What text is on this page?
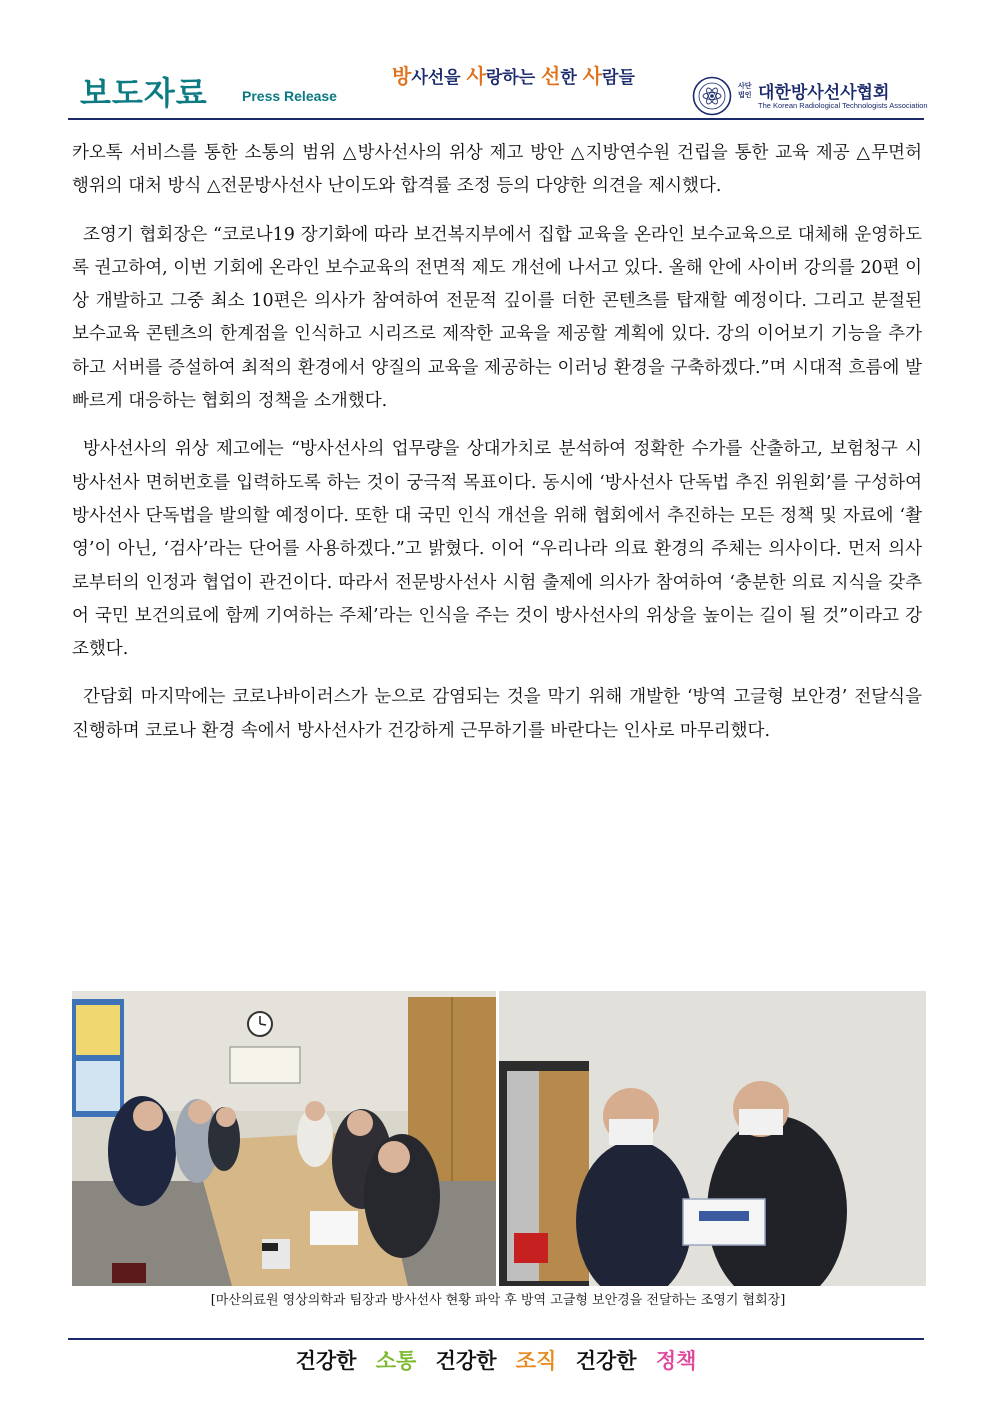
보도자료 Press Release
방사선을 사랑하는 선한 사람들	사단법인 대한방사선사협회
The Korean Radiological Technologists Association

카오톡 서비스를 통한 소통의 범위 △방사선사의 위상 제고 방안 △지방연수원 건립을 통한 교육 제공 △무면허 행위의 대처 방식 △전문방사선사 난이도와 합격률 조정 등의 다양한 의견을 제시했다.

조영기 협회장은 “코로나19 장기화에 따라 보건복지부에서 집합 교육을 온라인 보수교육으로 대체해 운영하도록 권고하여, 이번 기회에 온라인 보수교육의 전면적 제도 개선에 나서고 있다. 올해 안에 사이버 강의를 20편 이상 개발하고 그중 최소 10편은 의사가 참여하여 전문적 깊이를 더한 콘텐츠를 탑재할 예정이다. 그리고 분절된 보수교육 콘텐츠의 한계점을 인식하고 시리즈로 제작한 교육을 제공할 계획에 있다. 강의 이어보기 기능을 추가하고 서버를 증설하여 최적의 환경에서 양질의 교육을 제공하는 이러닝 환경을 구축하겠다.”며 시대적 흐름에 발 빠르게 대응하는 협회의 정책을 소개했다.

방사선사의 위상 제고에는 “방사선사의 업무량을 상대가치로 분석하여 정확한 수가를 산출하고, 보험청구 시 방사선사 면허번호를 입력하도록 하는 것이 궁극적 목표이다. 동시에 ‘방사선사 단독법 추진 위원회’를 구성하여 방사선사 단독법을 발의할 예정이다. 또한 대 국민 인식 개선을 위해 협회에서 추진하는 모든 정책 및 자료에 ‘촬영’이 아닌, ‘검사’라는 단어를 사용하겠다.”고 밝혔다. 이어 “우리나라 의료 환경의 주체는 의사이다. 먼저 의사로부터의 인정과 협업이 관건이다. 따라서 전문방사선사 시험 출제에 의사가 참여하여 ‘충분한 의료 지식을 갖추어 국민 보건의료에 함께 기여하는 주체’라는 인식을 주는 것이 방사선사의 위상을 높이는 길이 될 것”이라고 강조했다.

간담회 마지막에는 코로나바이러스가 눈으로 감염되는 것을 막기 위해 개발한 ‘방역 고글형 보안경’ 전달식을 진행하며 코로나 환경 속에서 방사선사가 건강하게 근무하기를 바란다는 인사로 마무리했다.

[마산의료원 영상의학과 팀장과 방사선사 현황 파악 후 방역 고글형 보안경을 전달하는 조영기 협회장]
건강한 소통 건강한 조직 건강한 정책
